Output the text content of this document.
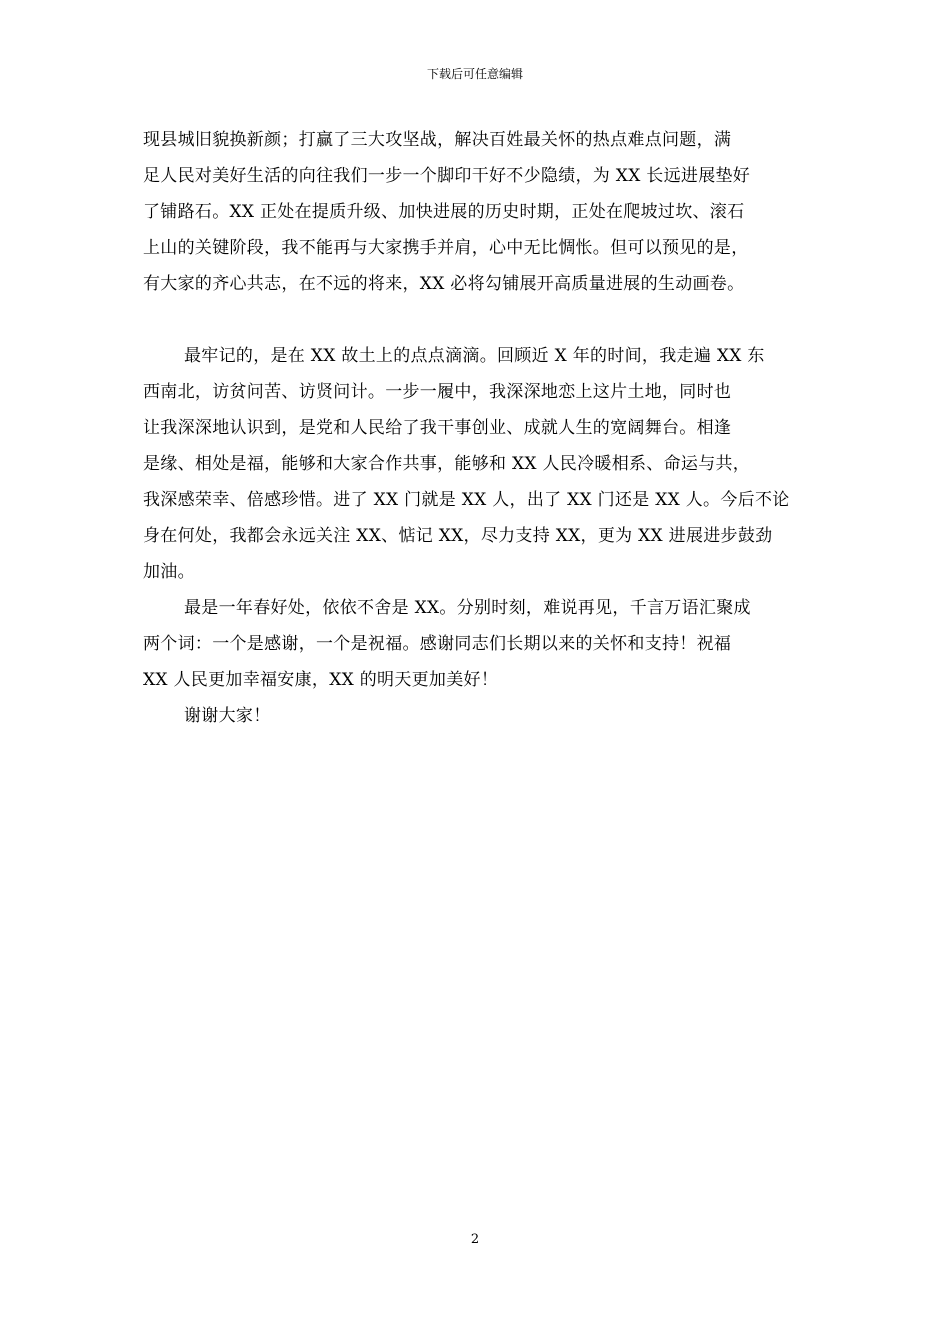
下载后可任意编辑
现县城旧貌换新颜；打赢了三大攻坚战，解决百姓最关怀的热点难点问题，满
足人民对美好生活的向往我们一步一个脚印干好不少隐绩，为 XX 长远进展垫好
了铺路石。XX 正处在提质升级、加快进展的历史时期，正处在爬坡过坎、滚石
上山的关键阶段，我不能再与大家携手并肩，心中无比惆怅。但可以预见的是，
有大家的齐心共志，在不远的将来，XX 必将勾铺展开高质量进展的生动画卷。
最牢记的，是在 XX 故土上的点点滴滴。回顾近 X 年的时间，我走遍 XX 东
西南北，访贫问苦、访贤问计。一步一履中，我深深地恋上这片土地，同时也
让我深深地认识到，是党和人民给了我干事创业、成就人生的宽阔舞台。相逢
是缘、相处是福，能够和大家合作共事，能够和 XX 人民冷暖相系、命运与共，
我深感荣幸、倍感珍惜。进了 XX 门就是 XX 人，出了 XX 门还是 XX 人。今后不论
身在何处，我都会永远关注 XX、惦记 XX，尽力支持 XX，更为 XX 进展进步鼓劲
加油。
最是一年春好处，依依不舍是 XX。分别时刻，难说再见，千言万语汇聚成
两个词：一个是感谢，一个是祝福。感谢同志们长期以来的关怀和支持！祝福
XX 人民更加幸福安康，XX 的明天更加美好！
谢谢大家！
2
